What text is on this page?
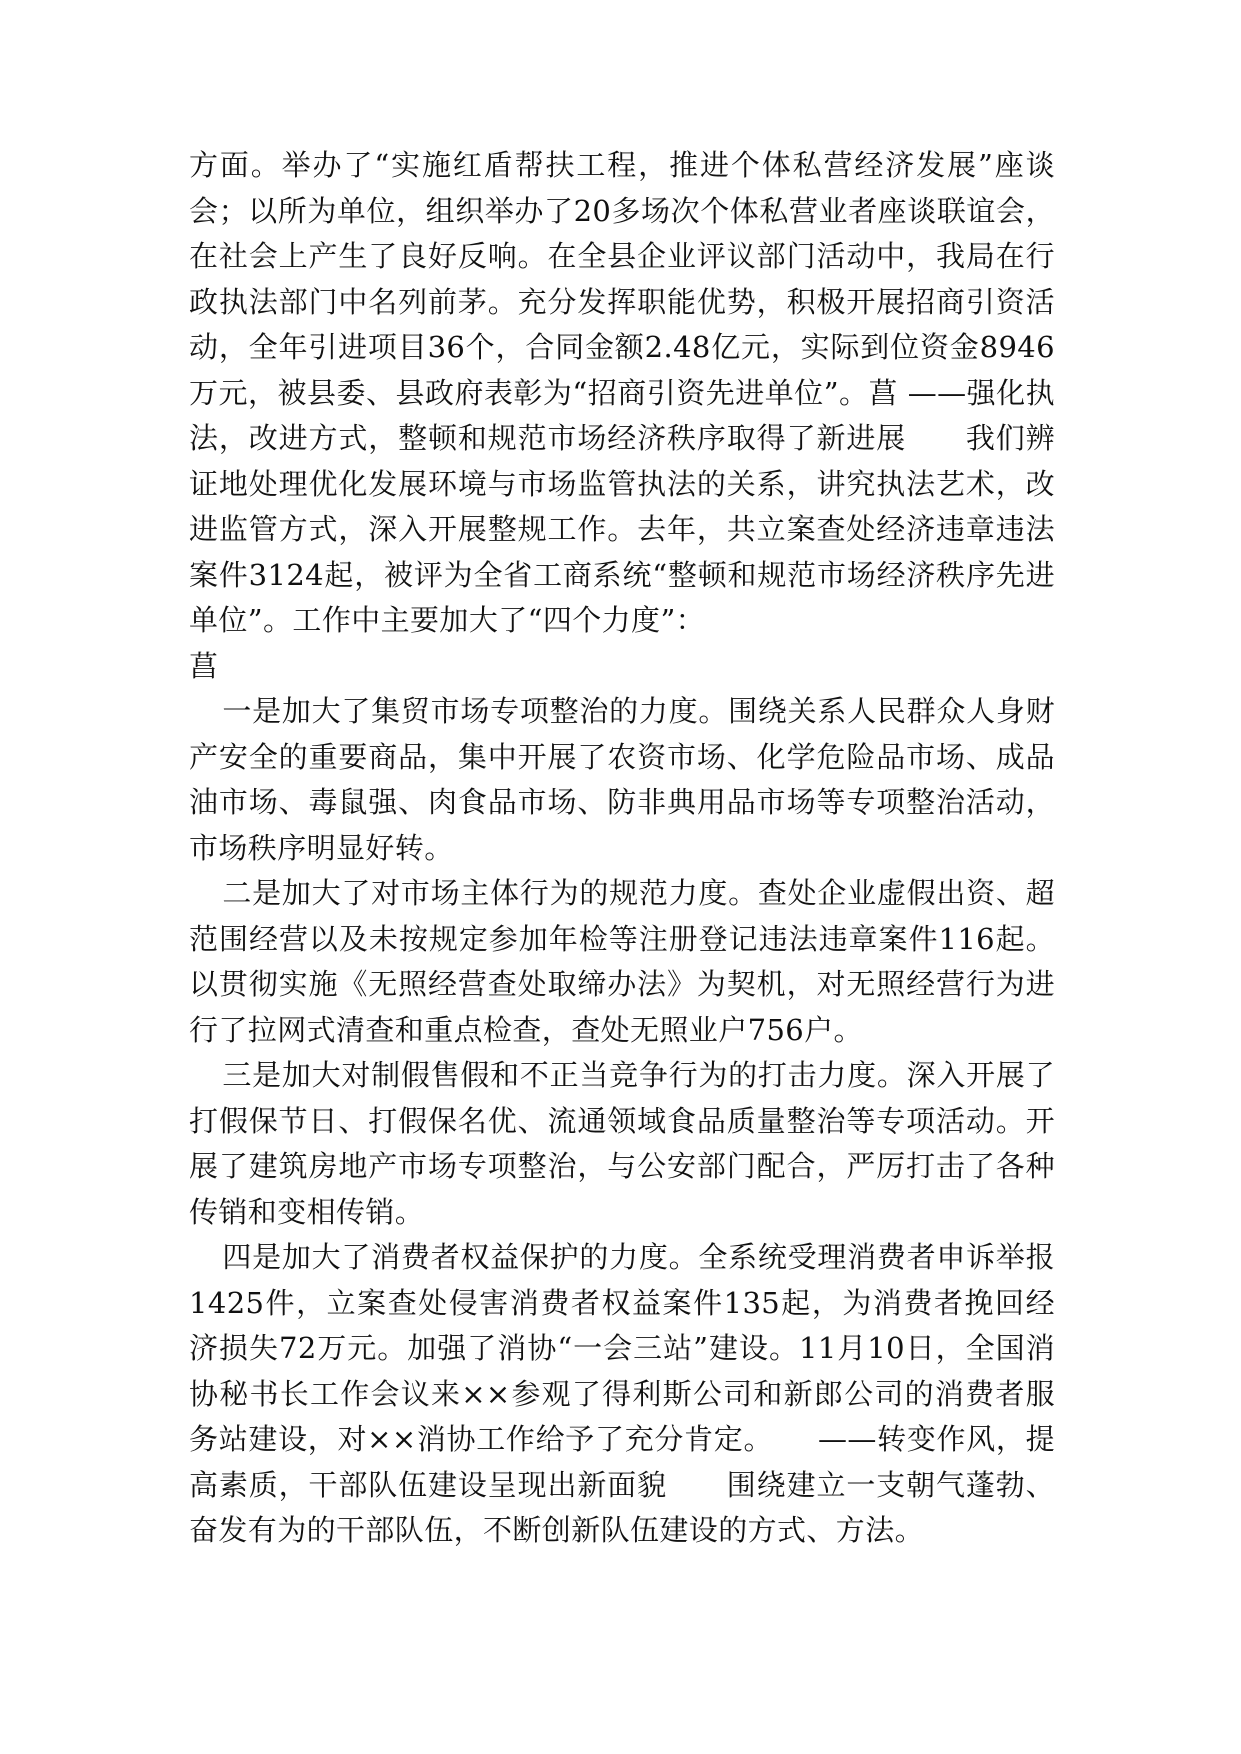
方面。举办了“实施红盾帮扶工程，推进个体私营经济发展”座谈会；以所为单位，组织举办了20多场次个体私营业者座谈联谊会，在社会上产生了良好反响。在全县企业评议部门活动中，我局在行政执法部门中名列前茅。充分发挥职能优势，积极开展招商引资活动，全年引进项目36个，合同金额2.48亿元，实际到位资金8946万元，被县委、县政府表彰为“招商引资先进单位”。菖 ——强化执法，改进方式，整顿和规范市场经济秩序取得了新进展　　我们辨证地处理优化发展环境与市场监管执法的关系，讲究执法艺术，改进监管方式，深入开展整规工作。去年，共立案查处经济违章违法案件3124起，被评为全省工商系统“整顿和规范市场经济秩序先进单位”。工作中主要加大了“四个力度”：

菖

一是加大了集贸市场专项整治的力度。围绕关系人民群众人身财产安全的重要商品，集中开展了农资市场、化学危险品市场、成品油市场、毒鼠强、肉食品市场、防非典用品市场等专项整治活动，市场秩序明显好转。

二是加大了对市场主体行为的规范力度。查处企业虚假出资、超范围经营以及未按规定参加年检等注册登记违法违章案件116起。以贯彻实施《无照经营查处取缔办法》为契机，对无照经营行为进行了拉网式清查和重点检查，查处无照业户756户。

三是加大对制假售假和不正当竞争行为的打击力度。深入开展了打假保节日、打假保名优、流通领域食品质量整治等专项活动。开展了建筑房地产市场专项整治，与公安部门配合，严厉打击了各种传销和变相传销。

四是加大了消费者权益保护的力度。全系统受理消费者申诉举报1425件，立案查处侵害消费者权益案件135起，为消费者挽回经济损失72万元。加强了消协“一会三站”建设。11月10日，全国消协秘书长工作会议来××参观了得利斯公司和新郎公司的消费者服务站建设，对××消协工作给予了充分肯定。　　——转变作风，提高素质，干部队伍建设呈现出新面貌　　围绕建立一支朝气蓬勃、奋发有为的干部队伍，不断创新队伍建设的方式、方法。
